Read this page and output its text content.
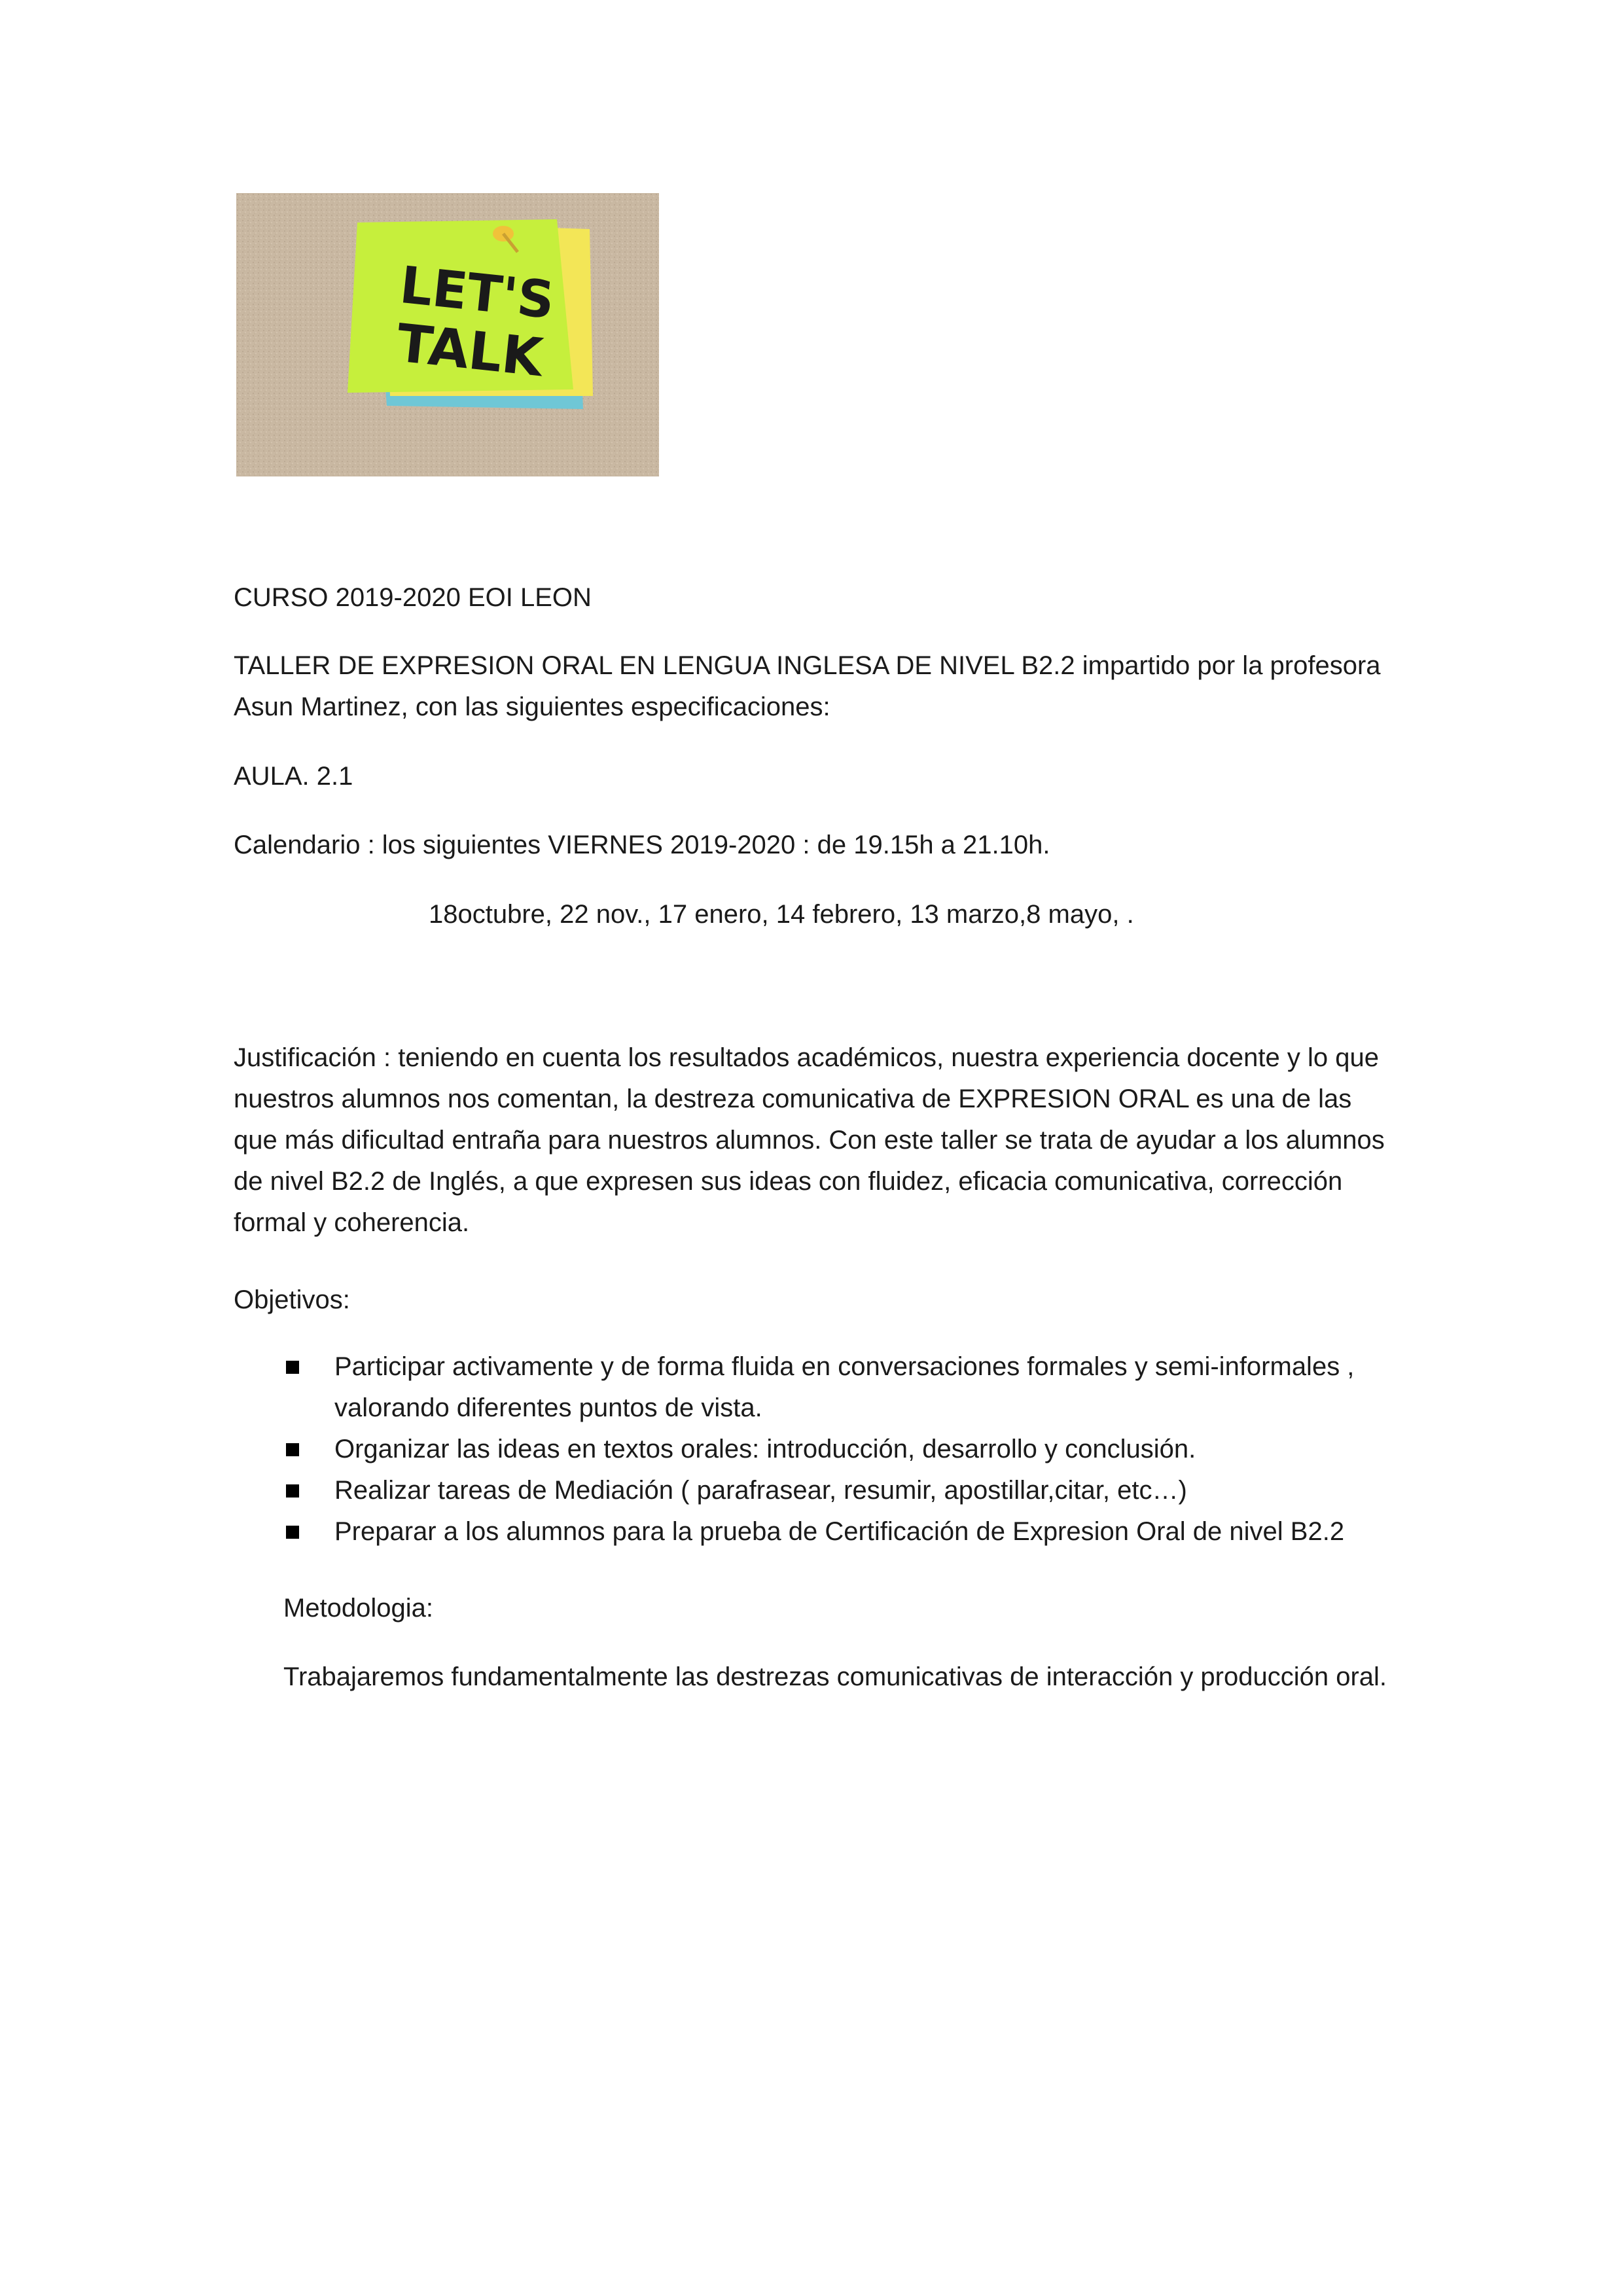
LET'S
TALK
CURSO 2019-2020 EOI LEON
TALLER DE EXPRESION ORAL EN LENGUA INGLESA DE NIVEL B2.2 impartido por la profesora Asun Martinez, con las siguientes especificaciones:
AULA. 2.1
Calendario : los siguientes VIERNES 2019-2020 : de 19.15h a 21.10h.
18octubre, 22 nov., 17 enero, 14 febrero, 13 marzo,8 mayo, .
Justificación : teniendo en cuenta los resultados académicos, nuestra experiencia docente y lo que nuestros alumnos nos comentan, la destreza comunicativa de EXPRESION ORAL es una de las que más dificultad entraña para nuestros alumnos. Con este taller se trata de ayudar a los alumnos de nivel B2.2 de Inglés, a que expresen sus ideas con fluidez, eficacia comunicativa, corrección formal y coherencia.
Objetivos:
Participar activamente y de forma fluida en conversaciones formales y semi-informales , valorando diferentes puntos de vista.
Organizar las ideas en textos orales: introducción, desarrollo y conclusión.
Realizar tareas de Mediación ( parafrasear, resumir, apostillar,citar, etc…)
Preparar a los alumnos para la prueba de Certificación de Expresion Oral de nivel B2.2
Metodologia:
Trabajaremos fundamentalmente las destrezas comunicativas de interacción y producción oral.
